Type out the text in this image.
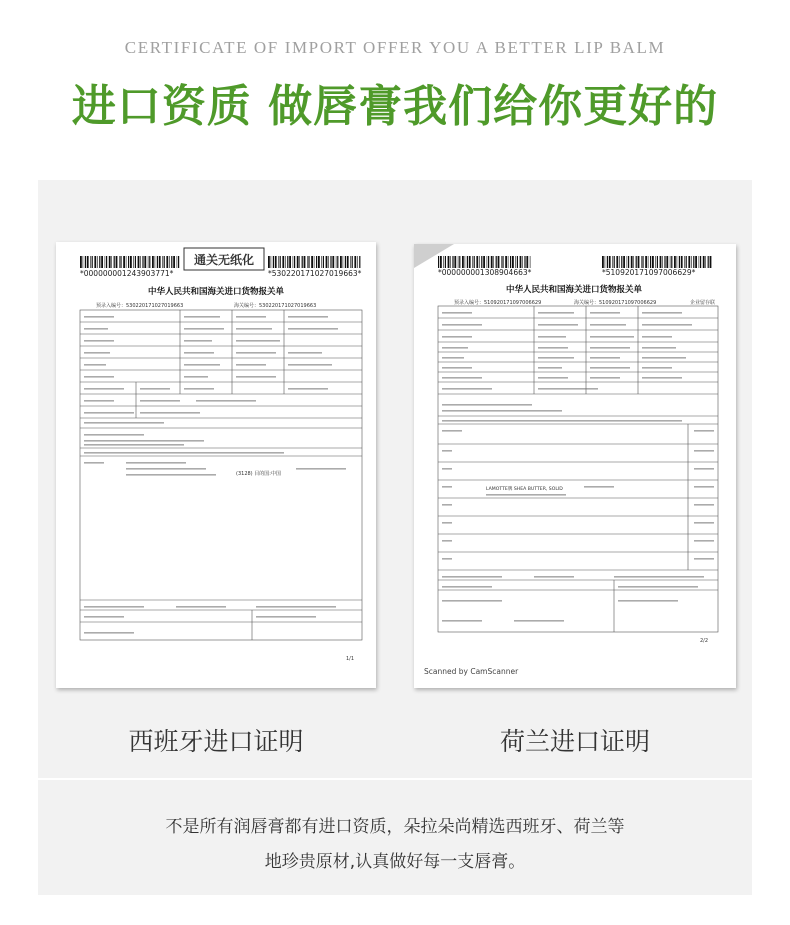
CERTIFICATE OF IMPORT OFFER YOU A BETTER LIP BALM
进口资质 做唇膏我们给你更好的
*000000001243903771*
通关无纸化
*530220171027019663*
中华人民共和国海关进口货物报关单
预录入编号：530220171027019663	海关编号：530220171027019663
(3128) 目的国:中国
1/1
*000000001308904663*	*510920171097006629*
中华人民共和国海关进口货物报关单
预录入编号：510920171097006629	海关编号：510920171097006629	企业留存联
LAMOTTE牌 SHEA BUTTER, SOLID
2/2
Scanned by CamScanner
西班牙进口证明	荷兰进口证明
不是所有润唇膏都有进口资质，朵拉朵尚精选西班牙、荷兰等
地珍贵原材,认真做好每一支唇膏。
